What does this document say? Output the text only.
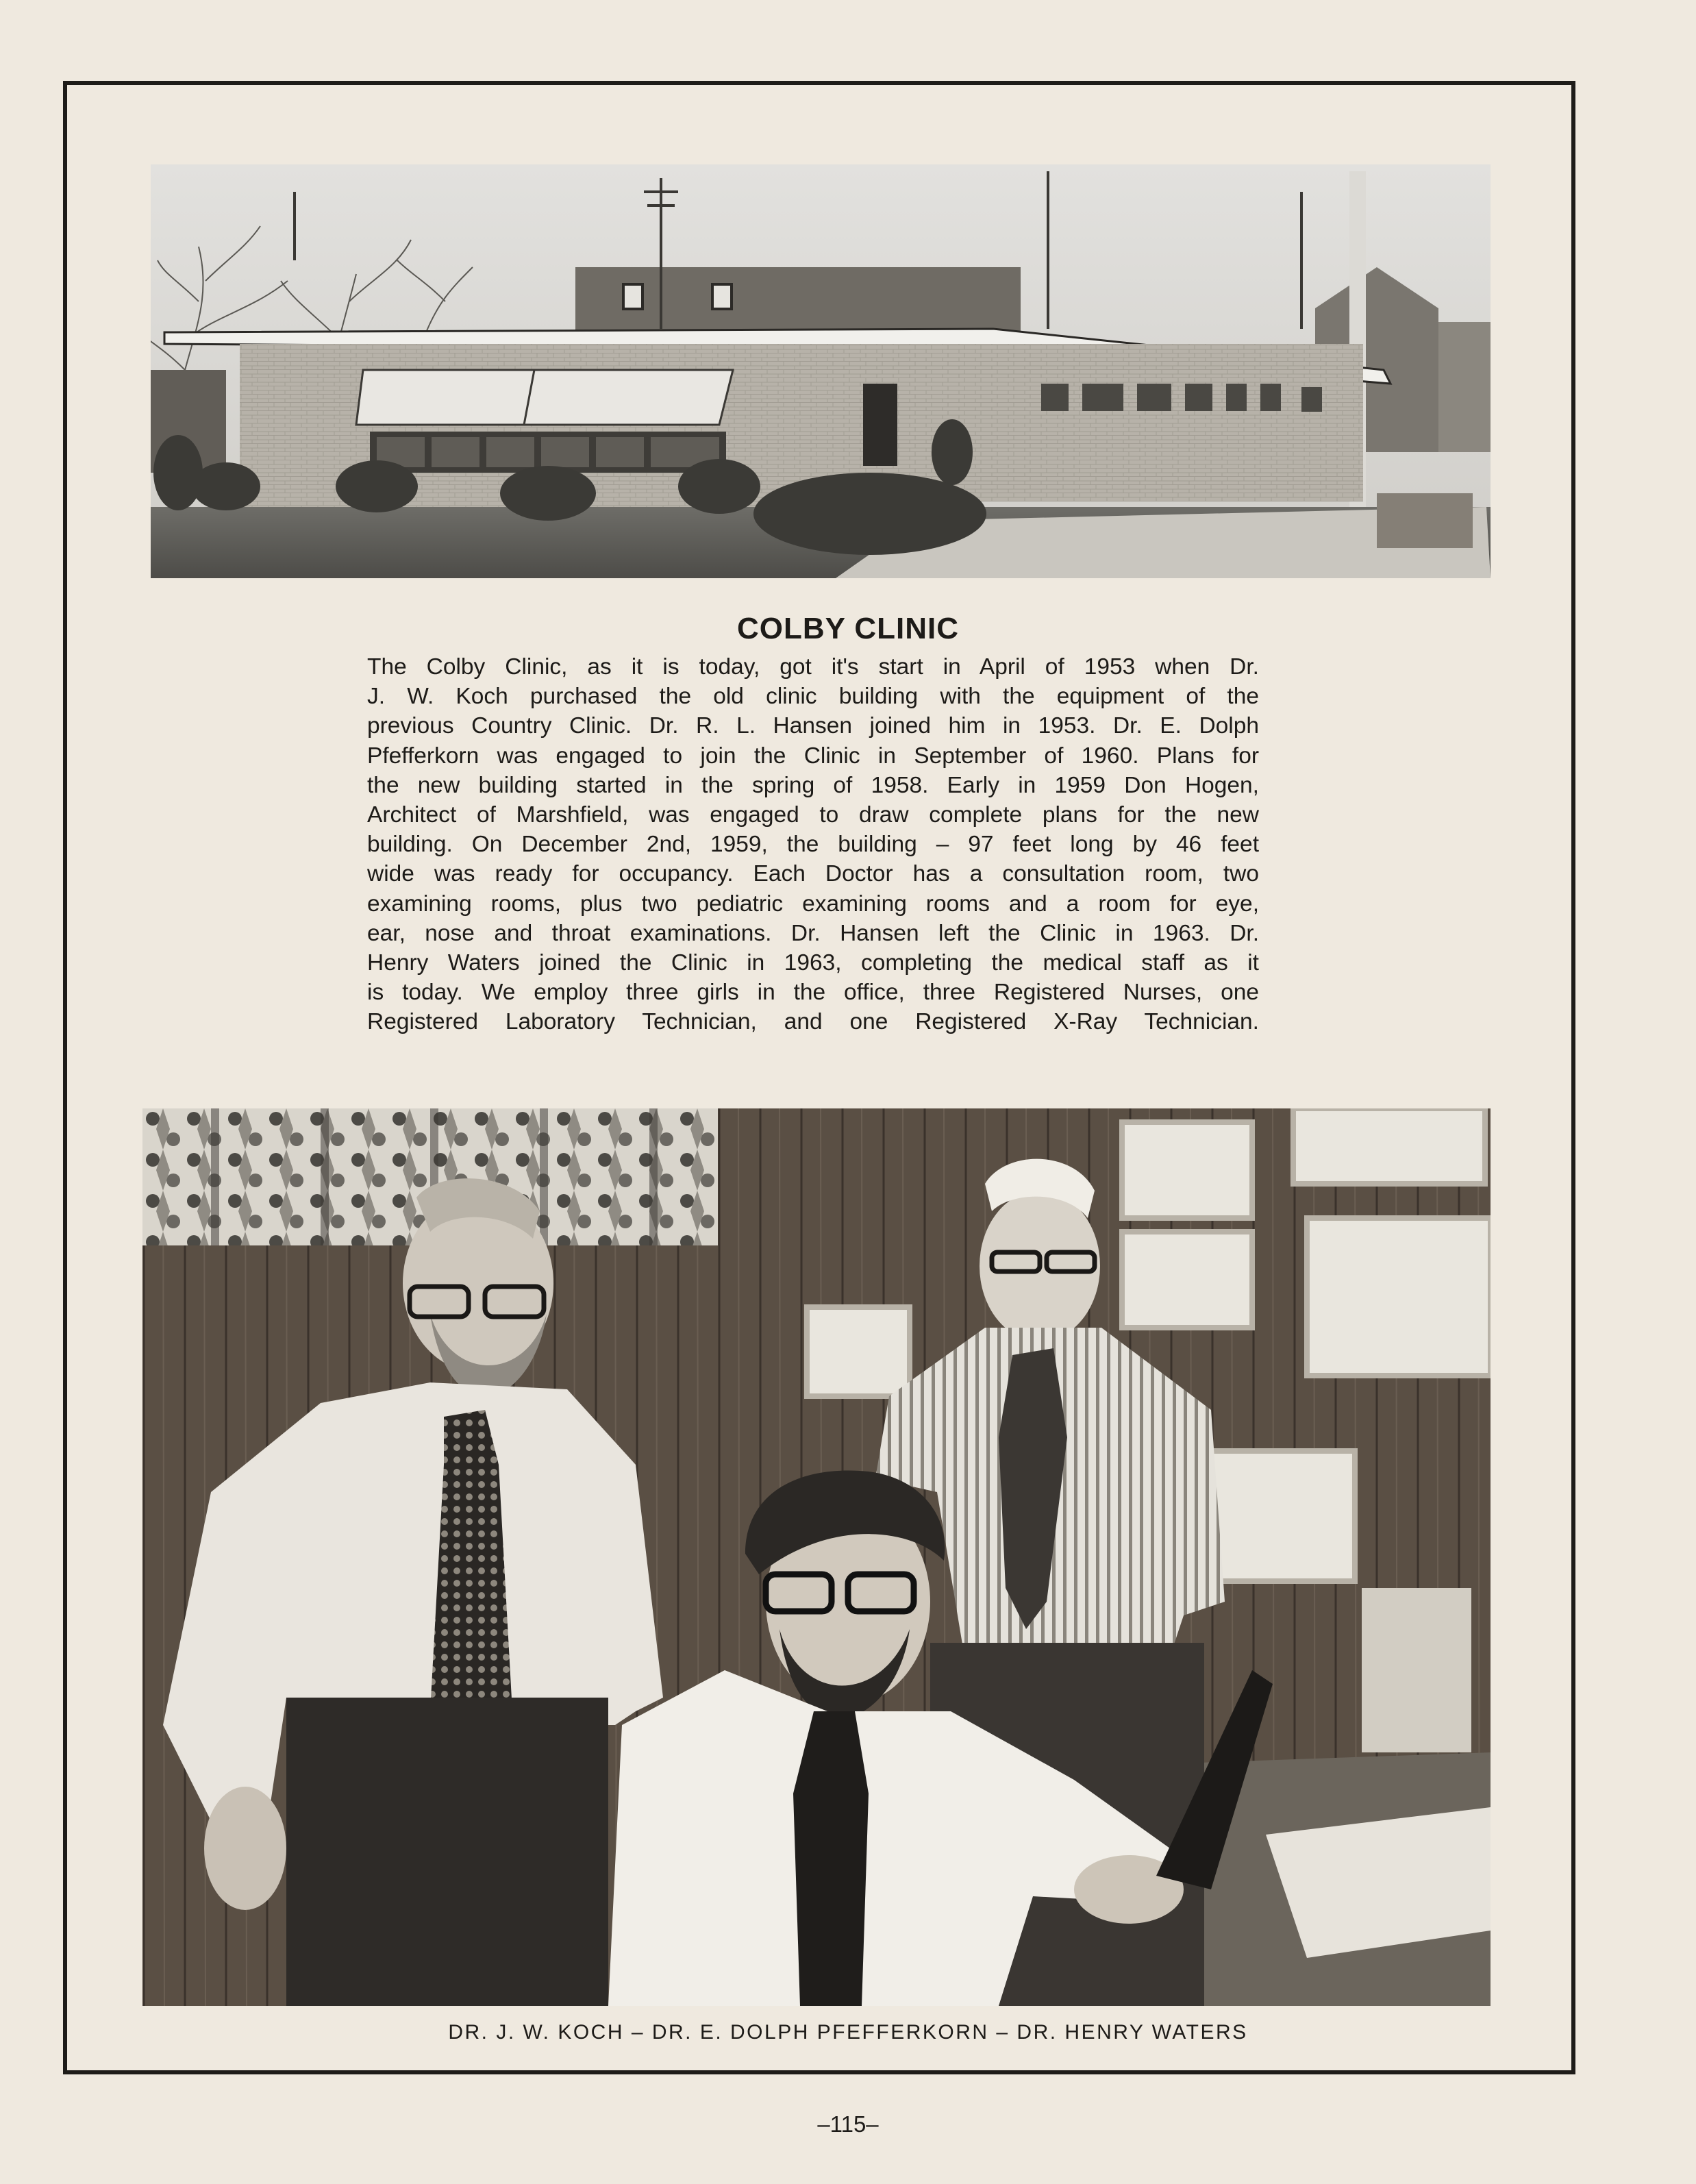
COLBY CLINIC

The Colby Clinic, as it is today, got it's start in April of 1953 when Dr.
J. W. Koch purchased the old clinic building with the equipment of the
previous Country Clinic. Dr. R. L. Hansen joined him in 1953. Dr. E. Dolph
Pfefferkorn was engaged to join the Clinic in September of 1960. Plans for
the new building started in the spring of 1958. Early in 1959 Don Hogen,
Architect of Marshfield, was engaged to draw complete plans for the new
building. On December 2nd, 1959, the building – 97 feet long by 46 feet
wide was ready for occupancy. Each Doctor has a consultation room, two
examining rooms, plus two pediatric examining rooms and a room for eye,
ear, nose and throat examinations. Dr. Hansen left the Clinic in 1963. Dr.
Henry Waters joined the Clinic in 1963, completing the medical staff as it
is today. We employ three girls in the office, three Registered Nurses, one
Registered Laboratory Technician, and one Registered X-Ray Technician.

DR. J. W. KOCH – DR. E. DOLPH PFEFFERKORN – DR. HENRY WATERS

–115–
